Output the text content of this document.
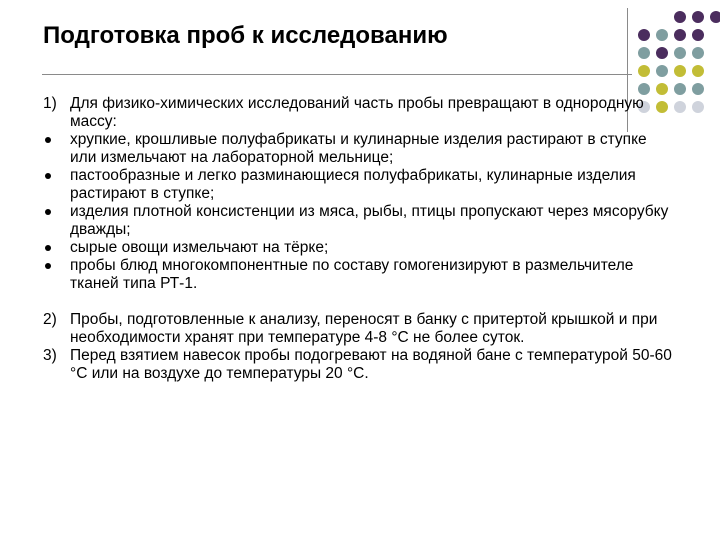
Подготовка проб к исследованию
1) Для физико-химических исследований часть пробы превращают в однородную массу:
хрупкие, крошливые полуфабрикаты и кулинарные изделия растирают в ступке или измельчают на лабораторной мельнице;
пастообразные и легко разминающиеся полуфабрикаты, кулинарные изделия растирают в ступке;
изделия плотной консистенции из мяса, рыбы, птицы пропускают через мясорубку дважды;
сырые овощи измельчают на тёрке;
пробы блюд многокомпонентные по составу гомогенизируют в размельчителе тканей типа РТ-1.
2) Пробы, подготовленные к анализу, переносят в банку с притертой крышкой и при необходимости хранят при температуре 4-8 °С не более суток.
3) Перед взятием навесок пробы подогревают на водяной бане с температурой 50-60 °С или на воздухе до температуры 20 °С.
